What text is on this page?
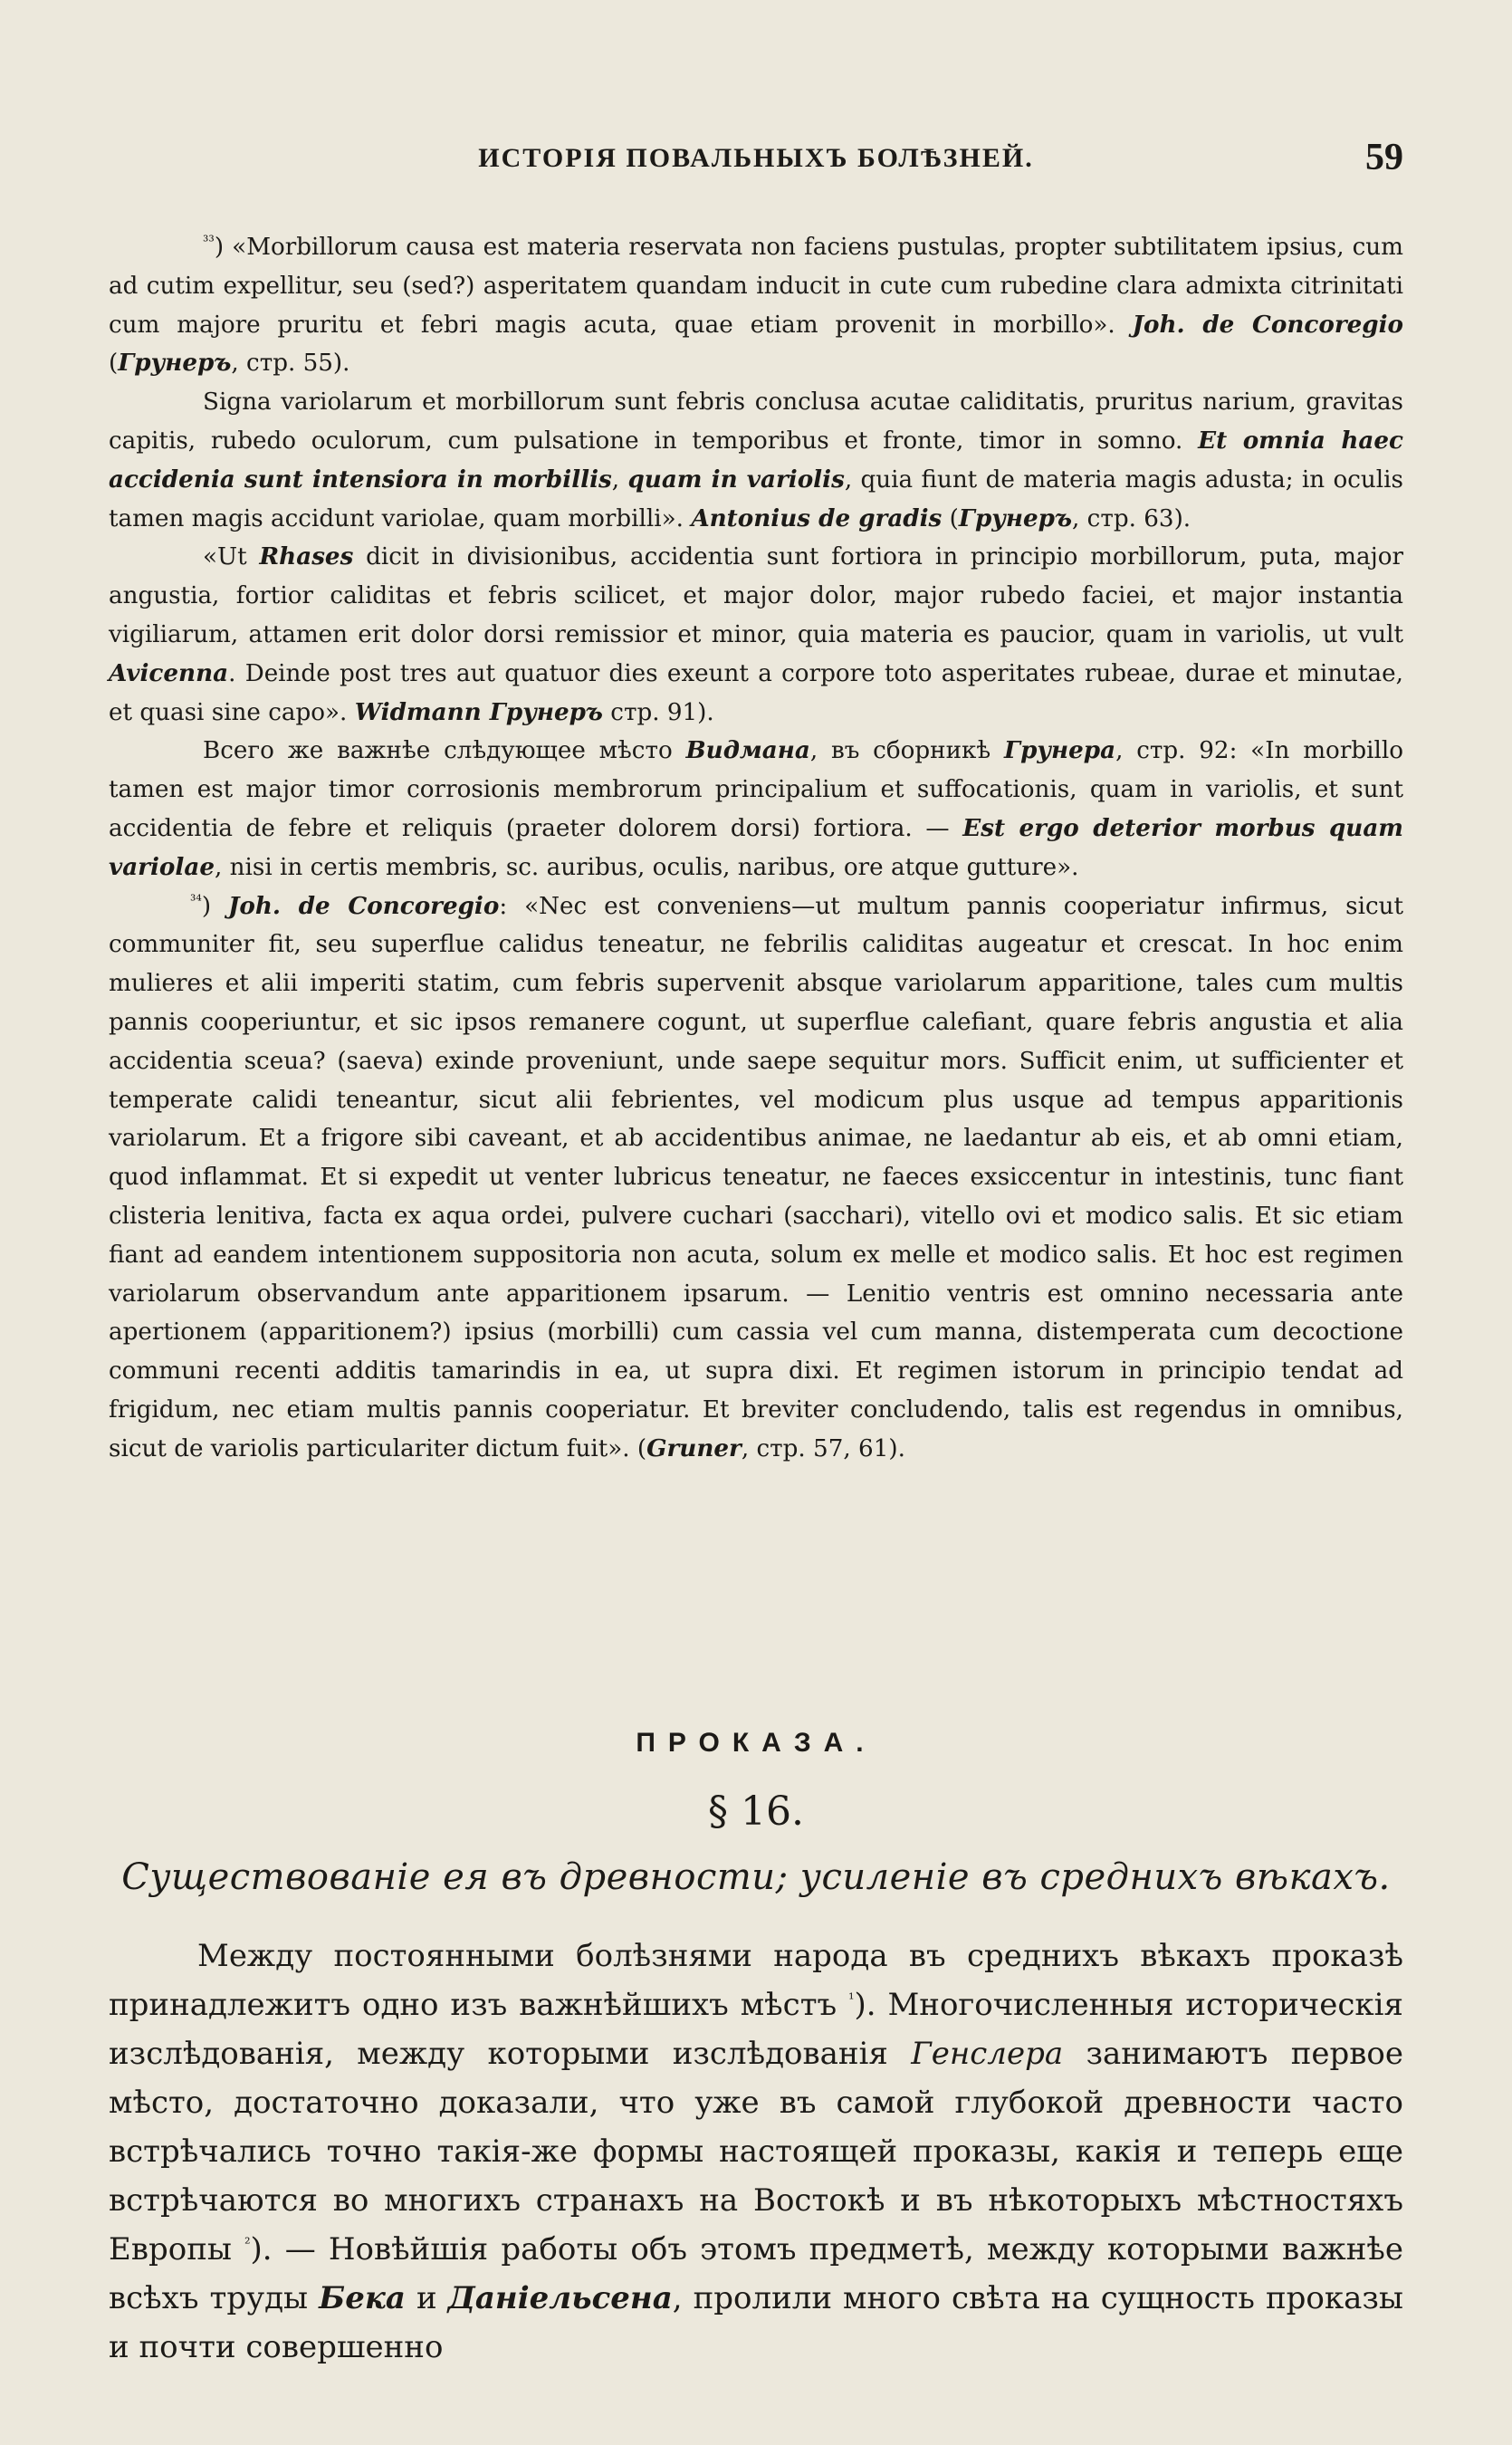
ИСТОРІЯ ПОВАЛЬНЫХЪ БОЛѢЗНЕЙ.	59

$^{^{33}}$) «Morbillorum causa est materia reservata non faciens pustulas, propter subtilitatem ipsius, cum ad cutim expellitur, seu (sed?) asperitatem quandam inducit in cute cum rubedine clara admixta citrinitati cum majore pruritu et febri magis acuta, quae etiam provenit in morbillo». Joh. de Concoregio (Грунеръ, стр. 55).

Signa variolarum et morbillorum sunt febris conclusa acutae caliditatis, pruritus narium, gravitas capitis, rubedo oculorum, cum pulsatione in temporibus et fronte, timor in somno. Et omnia haec accidenia sunt intensiora in morbillis, quam in variolis, quia fiunt de materia magis adusta; in oculis tamen magis accidunt variolae, quam morbilli». Antonius de gradis (Грунеръ, стр. 63).

«Ut Rhases dicit in divisionibus, accidentia sunt fortiora in principio morbillorum, puta, major angustia, fortior caliditas et febris scilicet, et major dolor, major rubedo faciei, et major instantia vigiliarum, attamen erit dolor dorsi remissior et minor, quia materia es paucior, quam in variolis, ut vult Avicenna. Deinde post tres aut quatuor dies exeunt a corpore toto asperitates rubeae, durae et minutae, et quasi sine capo». Widmann Грунеръ стр. 91).

Всего же важнѣе слѣдующее мѣсто Видмана, въ сборникѣ Грунера, стр. 92: «In morbillo tamen est major timor corrosionis membrorum principalium et suffocationis, quam in variolis, et sunt accidentia de febre et reliquis (praeter dolorem dorsi) fortiora. — Est ergo deterior morbus quam variolae, nisi in certis membris, sc. auribus, oculis, naribus, ore atque gutture».

$^{^{34}}$) Joh. de Concoregio: «Nec est conveniens—ut multum pannis cooperiatur infirmus, sicut communiter fit, seu superflue calidus teneatur, ne febrilis caliditas augeatur et crescat. In hoc enim mulieres et alii imperiti statim, cum febris supervenit absque variolarum apparitione, tales cum multis pannis cooperiuntur, et sic ipsos remanere cogunt, ut superflue calefiant, quare febris angustia et alia accidentia sceua? (saeva) exinde proveniunt, unde saepe sequitur mors. Sufficit enim, ut sufficienter et temperate calidi teneantur, sicut alii febrientes, vel modicum plus usque ad tempus apparitionis variolarum. Et a frigore sibi caveant, et ab accidentibus animae, ne laedantur ab eis, et ab omni etiam, quod inflammat. Et si expedit ut venter lubricus teneatur, ne faeces exsiccentur in intestinis, tunc fiant clisteria lenitiva, facta ex aqua ordei, pulvere cuchari (sacchari), vitello ovi et modico salis. Et sic etiam fiant ad eandem intentionem suppositoria non acuta, solum ex melle et modico salis. Et hoc est regimen variolarum observandum ante apparitionem ipsarum. — Lenitio ventris est omnino necessaria ante apertionem (apparitionem?) ipsius (morbilli) cum cassia vel cum manna, distemperata cum decoctione communi recenti additis tamarindis in ea, ut supra dixi. Et regimen istorum in principio tendat ad frigidum, nec etiam multis pannis cooperiatur. Et breviter concludendo, talis est regendus in omnibus, sicut de variolis particulariter dictum fuit». (Gruner, стр. 57, 61).

ПРОКАЗА.
§ 16.
Существованіе ея въ древности; усиленіе въ среднихъ вѣкахъ.

Между постоянными болѣзнями народа въ среднихъ вѣкахъ проказѣ принадлежитъ одно изъ важнѣйшихъ мѣстъ $^{^1}$). Многочисленныя историческія изслѣдованія, между которыми изслѣдованія Генслера занимаютъ первое мѣсто, достаточно доказали, что уже въ самой глубокой древности часто встрѣчались точно такія-же формы настоящей проказы, какія и теперь еще встрѣчаются во многихъ странахъ на Востокѣ и въ нѣкоторыхъ мѣстностяхъ Европы $^{^2}$). — Новѣйшія работы объ этомъ предметѣ, между которыми важнѣе всѣхъ труды Бека и Даніельсена, пролили много свѣта на сущность проказы и почти совершенно
